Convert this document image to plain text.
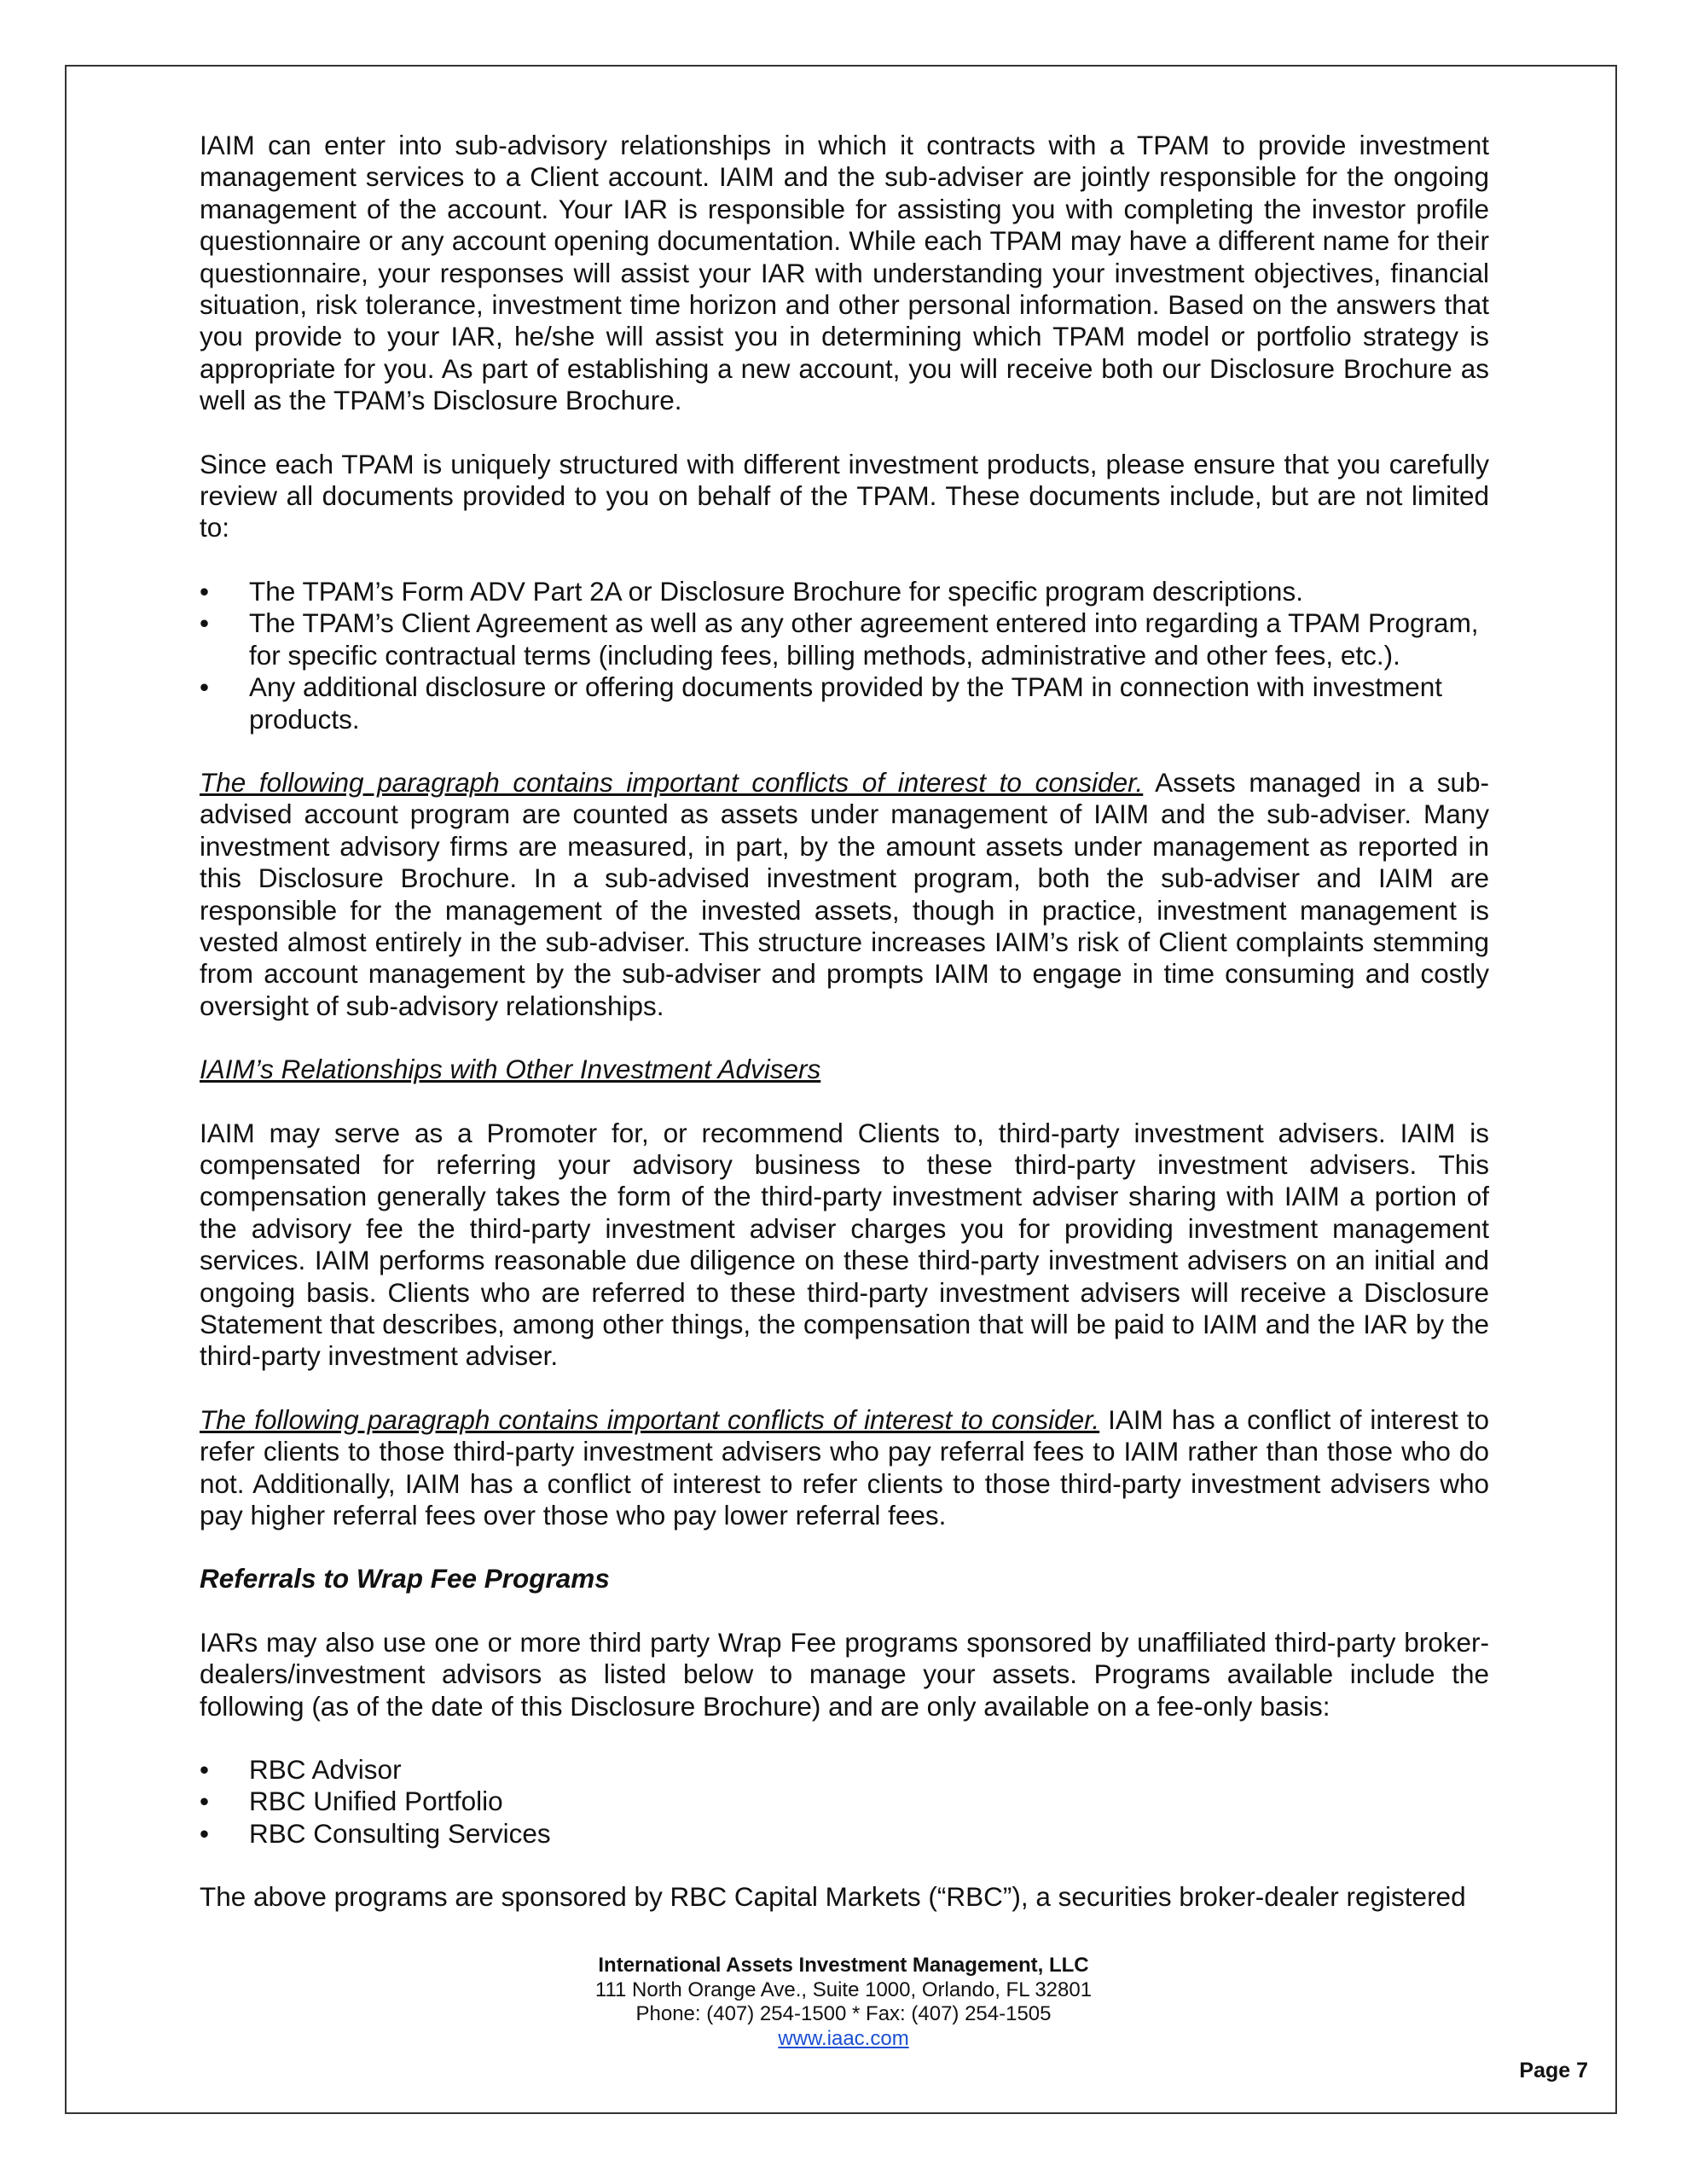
IAIM can enter into sub-advisory relationships in which it contracts with a TPAM to provide investment management services to a Client account. IAIM and the sub-adviser are jointly responsible for the ongoing management of the account. Your IAR is responsible for assisting you with completing the investor profile questionnaire or any account opening documentation. While each TPAM may have a different name for their questionnaire, your responses will assist your IAR with understanding your investment objectives, financial situation, risk tolerance, investment time horizon and other personal information. Based on the answers that you provide to your IAR, he/she will assist you in determining which TPAM model or portfolio strategy is appropriate for you. As part of establishing a new account, you will receive both our Disclosure Brochure as well as the TPAM’s Disclosure Brochure.

Since each TPAM is uniquely structured with different investment products, please ensure that you carefully review all documents provided to you on behalf of the TPAM. These documents include, but are not limited to:

•	The TPAM’s Form ADV Part 2A or Disclosure Brochure for specific program descriptions.
•	The TPAM’s Client Agreement as well as any other agreement entered into regarding a TPAM Program, for specific contractual terms (including fees, billing methods, administrative and other fees, etc.).
•	Any additional disclosure or offering documents provided by the TPAM in connection with investment products.

The following paragraph contains important conflicts of interest to consider. Assets managed in a sub-advised account program are counted as assets under management of IAIM and the sub-adviser. Many investment advisory firms are measured, in part, by the amount assets under management as reported in this Disclosure Brochure. In a sub-advised investment program, both the sub-adviser and IAIM are responsible for the management of the invested assets, though in practice, investment management is vested almost entirely in the sub-adviser. This structure increases IAIM’s risk of Client complaints stemming from account management by the sub-adviser and prompts IAIM to engage in time consuming and costly oversight of sub-advisory relationships.

IAIM’s Relationships with Other Investment Advisers

IAIM may serve as a Promoter for, or recommend Clients to, third-party investment advisers. IAIM is compensated for referring your advisory business to these third-party investment advisers. This compensation generally takes the form of the third-party investment adviser sharing with IAIM a portion of the advisory fee the third-party investment adviser charges you for providing investment management services. IAIM performs reasonable due diligence on these third-party investment advisers on an initial and ongoing basis. Clients who are referred to these third-party investment advisers will receive a Disclosure Statement that describes, among other things, the compensation that will be paid to IAIM and the IAR by the third-party investment adviser.

The following paragraph contains important conflicts of interest to consider. IAIM has a conflict of interest to refer clients to those third-party investment advisers who pay referral fees to IAIM rather than those who do not. Additionally, IAIM has a conflict of interest to refer clients to those third-party investment advisers who pay higher referral fees over those who pay lower referral fees.

Referrals to Wrap Fee Programs

IARs may also use one or more third party Wrap Fee programs sponsored by unaffiliated third-party broker-dealers/investment advisors as listed below to manage your assets. Programs available include the following (as of the date of this Disclosure Brochure) and are only available on a fee-only basis:

•	RBC Advisor
•	RBC Unified Portfolio
•	RBC Consulting Services

The above programs are sponsored by RBC Capital Markets (“RBC”), a securities broker-dealer registered

International Assets Investment Management, LLC
111 North Orange Ave., Suite 1000, Orlando, FL 32801
Phone: (407) 254-1500 * Fax: (407) 254-1505
www.iaac.com
Page 7
